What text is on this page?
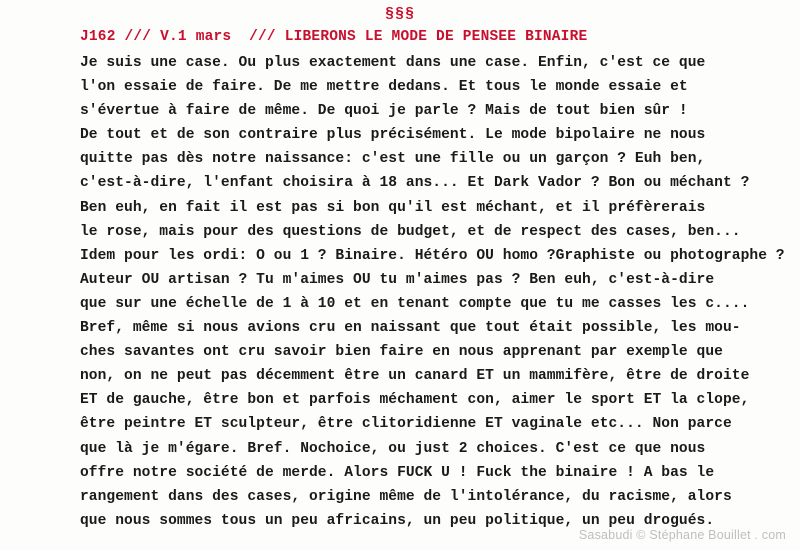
§§§
J162 /// V.1 mars  /// LIBERONS LE MODE DE PENSEE BINAIRE
Je suis une case. Ou plus exactement dans une case. Enfin, c'est ce que
l'on essaie de faire. De me mettre dedans. Et tous le monde essaie et
s'évertue à faire de même. De quoi je parle ? Mais de tout bien sûr !
De tout et de son contraire plus précisément. Le mode bipolaire ne nous
quitte pas dès notre naissance: c'est une fille ou un garçon ? Euh ben,
c'est-à-dire, l'enfant choisira à 18 ans... Et Dark Vador ? Bon ou méchant ?
Ben euh, en fait il est pas si bon qu'il est méchant, et il préfèrerais
le rose, mais pour des questions de budget, et de respect des cases, ben...
Idem pour les ordi: O ou 1 ? Binaire. Hétéro OU homo ?Graphiste ou photographe ?
Auteur OU artisan ? Tu m'aimes OU tu m'aimes pas ? Ben euh, c'est-à-dire
que sur une échelle de 1 à 10 et en tenant compte que tu me casses les c....
Bref, même si nous avions cru en naissant que tout était possible, les mou-
ches savantes ont cru savoir bien faire en nous apprenant par exemple que
non, on ne peut pas décemment être un canard ET un mammifère, être de droite
ET de gauche, être bon et parfois méchament con, aimer le sport ET la clope,
être peintre ET sculpteur, être clitoridienne ET vaginale etc... Non parce
que là je m'égare. Bref. Nochoice, ou just 2 choices. C'est ce que nous
offre notre société de merde. Alors FUCK U ! Fuck the binaire ! A bas le
rangement dans des cases, origine même de l'intolérance, du racisme, alors
que nous sommes tous un peu africains, un peu politique, un peu drogués.
Sasabudi © Stéphane Bouillet . com
